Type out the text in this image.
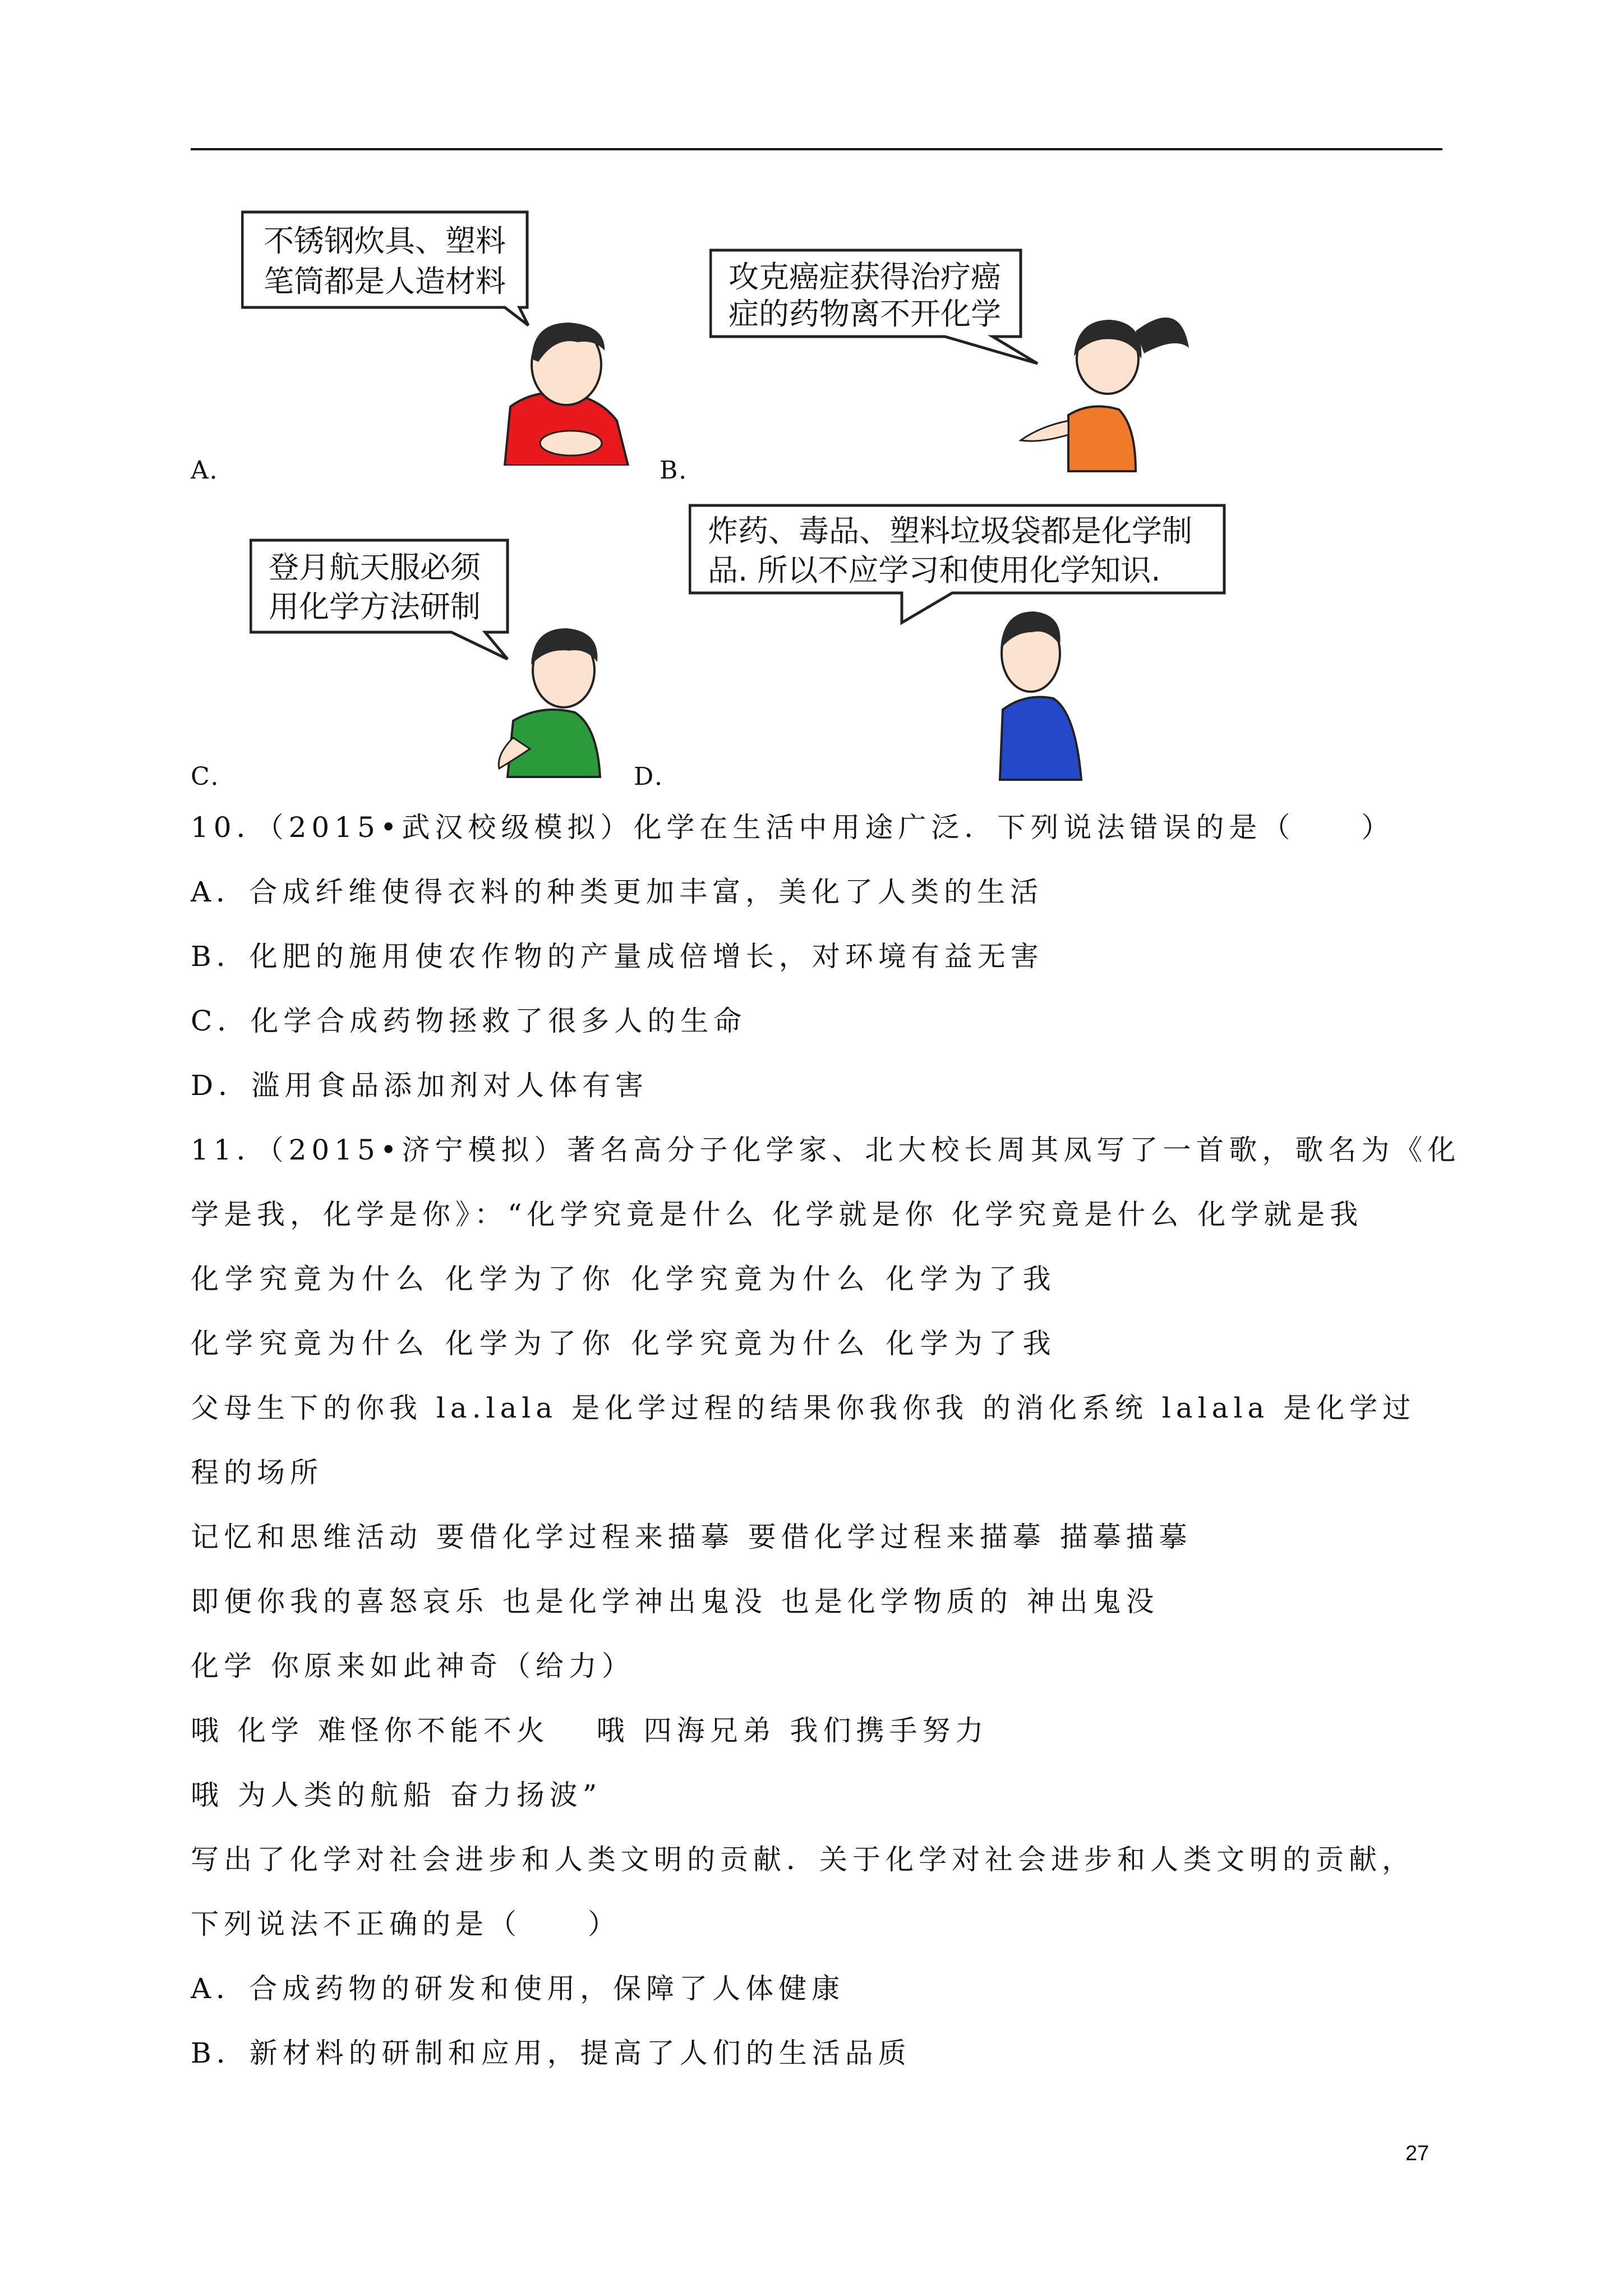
不锈钢炊具、塑料
笔筒都是人造材料
A．
攻克癌症获得治疗癌
症的药物离不开化学
B．
登月航天服必须
用化学方法研制
C．
炸药、毒品、塑料垃圾袋都是化学制
品. 所以不应学习和使用化学知识.
D．
10．（2015•武汉校级模拟）化学在生活中用途广泛．下列说法错误的是（　　）
A．合成纤维使得衣料的种类更加丰富，美化了人类的生活
B．化肥的施用使农作物的产量成倍增长，对环境有益无害
C．化学合成药物拯救了很多人的生命
D．滥用食品添加剂对人体有害
11．（2015•济宁模拟）著名高分子化学家、北大校长周其凤写了一首歌，歌名为《化
学是我，化学是你》：“化学究竟是什么 化学就是你 化学究竟是什么 化学就是我
化学究竟为什么 化学为了你 化学究竟为什么 化学为了我
化学究竟为什么 化学为了你 化学究竟为什么 化学为了我
父母生下的你我 la.lala 是化学过程的结果你我你我 的消化系统 lalala 是化学过
程的场所
记忆和思维活动 要借化学过程来描摹 要借化学过程来描摹 描摹描摹
即便你我的喜怒哀乐 也是化学神出鬼没 也是化学物质的 神出鬼没
化学 你原来如此神奇（给力）
哦 化学 难怪你不能不火　 哦 四海兄弟 我们携手努力
哦 为人类的航船 奋力扬波”
写出了化学对社会进步和人类文明的贡献．关于化学对社会进步和人类文明的贡献，
下列说法不正确的是（　　）
A．合成药物的研发和使用，保障了人体健康
B．新材料的研制和应用，提高了人们的生活品质
27
